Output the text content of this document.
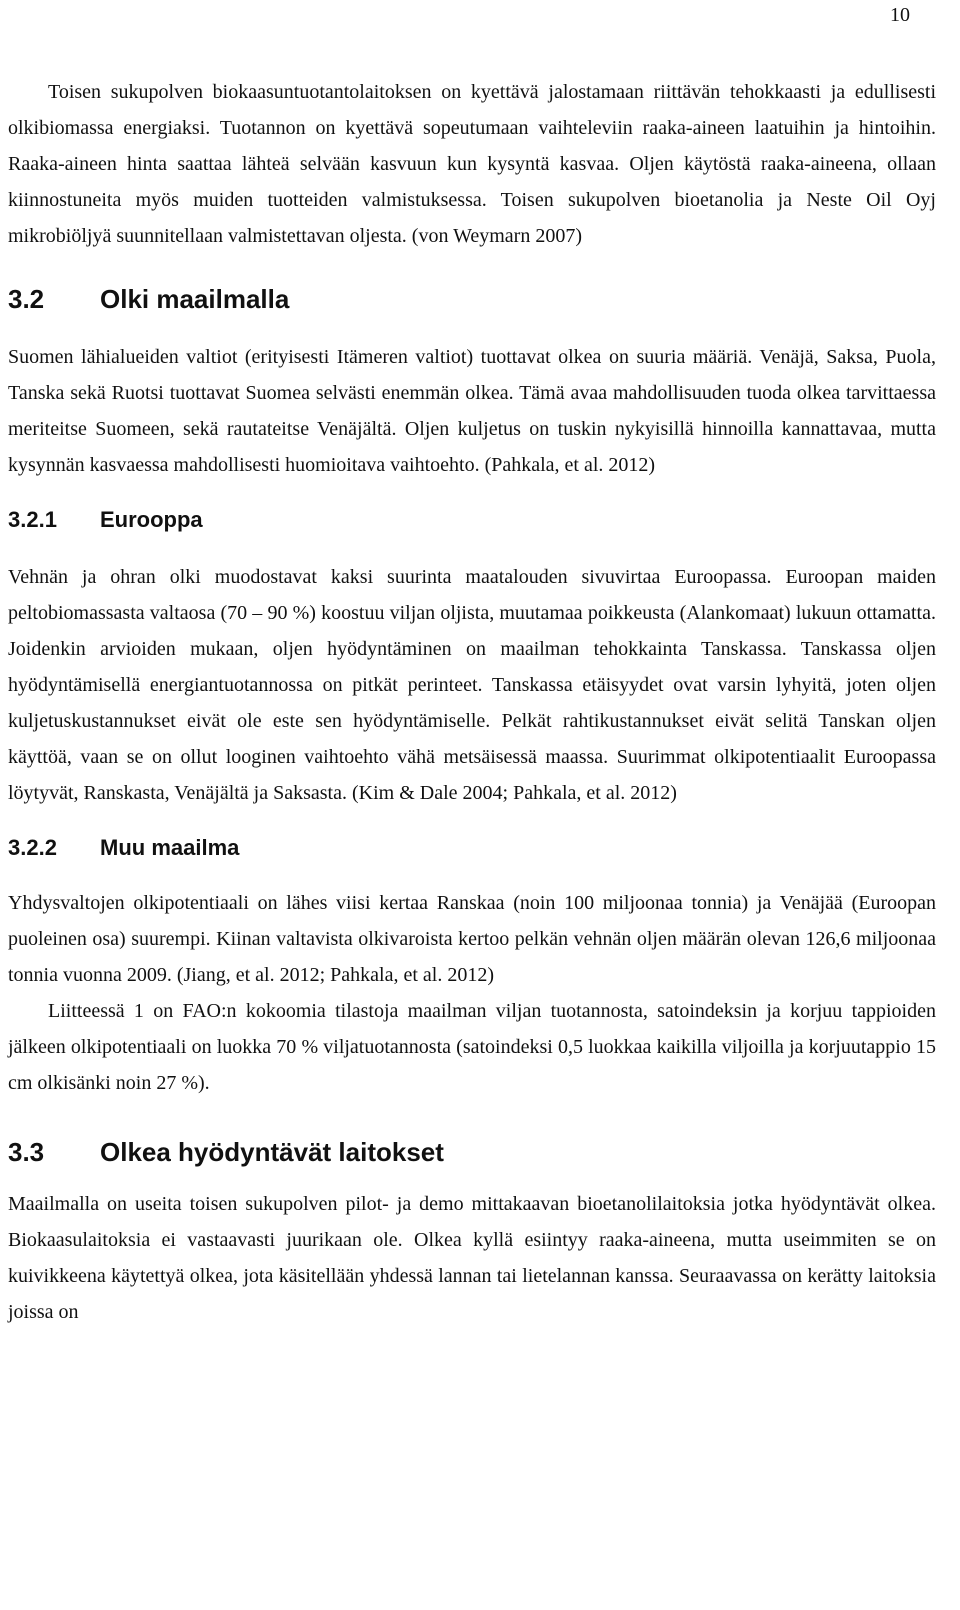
10

Toisen sukupolven biokaasuntuotantolaitoksen on kyettävä jalostamaan riittävän tehokkaasti ja edullisesti olkibiomassa energiaksi. Tuotannon on kyettävä sopeutumaan vaihteleviin raaka-aineen laatuihin ja hintoihin. Raaka-aineen hinta saattaa lähteä selvään kasvuun kun kysyntä kasvaa. Oljen käytöstä raaka-aineena, ollaan kiinnostuneita myös muiden tuotteiden valmistuksessa. Toisen sukupolven bioetanolia ja Neste Oil Oyj mikrobiöljyä suunnitellaan valmistettavan oljesta. (von Weymarn 2007)

3.2	Olki maailmalla

Suomen lähialueiden valtiot (erityisesti Itämeren valtiot) tuottavat olkea on suuria määriä. Venäjä, Saksa, Puola, Tanska sekä Ruotsi tuottavat Suomea selvästi enemmän olkea. Tämä avaa mahdollisuuden tuoda olkea tarvittaessa meriteitse Suomeen, sekä rautateitse Venäjältä. Oljen kuljetus on tuskin nykyisillä hinnoilla kannattavaa, mutta kysynnän kasvaessa mahdollisesti huomioitava vaihtoehto. (Pahkala, et al. 2012)

3.2.1	Eurooppa

Vehnän ja ohran olki muodostavat kaksi suurinta maatalouden sivuvirtaa Euroopassa. Euroopan maiden peltobiomassasta valtaosa (70 – 90 %) koostuu viljan oljista, muutamaa poikkeusta (Alankomaat) lukuun ottamatta. Joidenkin arvioiden mukaan, oljen hyödyntäminen on maailman tehokkainta Tanskassa. Tanskassa oljen hyödyntämisellä energiantuotannossa on pitkät perinteet. Tanskassa etäisyydet ovat varsin lyhyitä, joten oljen kuljetuskustannukset eivät ole este sen hyödyntämiselle. Pelkät rahtikustannukset eivät selitä Tanskan oljen käyttöä, vaan se on ollut looginen vaihtoehto vähä metsäisessä maassa. Suurimmat olkipotentiaalit Euroopassa löytyvät, Ranskasta, Venäjältä ja Saksasta. (Kim & Dale 2004; Pahkala, et al. 2012)

3.2.2	Muu maailma

Yhdysvaltojen olkipotentiaali on lähes viisi kertaa Ranskaa (noin 100 miljoonaa tonnia) ja Venäjää (Euroopan puoleinen osa) suurempi. Kiinan valtavista olkivaroista kertoo pelkän vehnän oljen määrän olevan 126,6 miljoonaa tonnia vuonna 2009. (Jiang, et al. 2012; Pahkala, et al. 2012)

Liitteessä 1 on FAO:n kokoomia tilastoja maailman viljan tuotannosta, satoindeksin ja korjuu tappioiden jälkeen olkipotentiaali on luokka 70 % viljatuotannosta (satoindeksi 0,5 luokkaa kaikilla viljoilla ja korjuutappio 15 cm olkisänki noin 27 %).

3.3	Olkea hyödyntävät laitokset

Maailmalla on useita toisen sukupolven pilot- ja demo mittakaavan bioetanolilaitoksia jotka hyödyntävät olkea. Biokaasulaitoksia ei vastaavasti juurikaan ole. Olkea kyllä esiintyy raaka-aineena, mutta useimmiten se on kuivikkeena käytettyä olkea, jota käsitellään yhdessä lannan tai lietelannan kanssa. Seuraavassa on kerätty laitoksia joissa on
